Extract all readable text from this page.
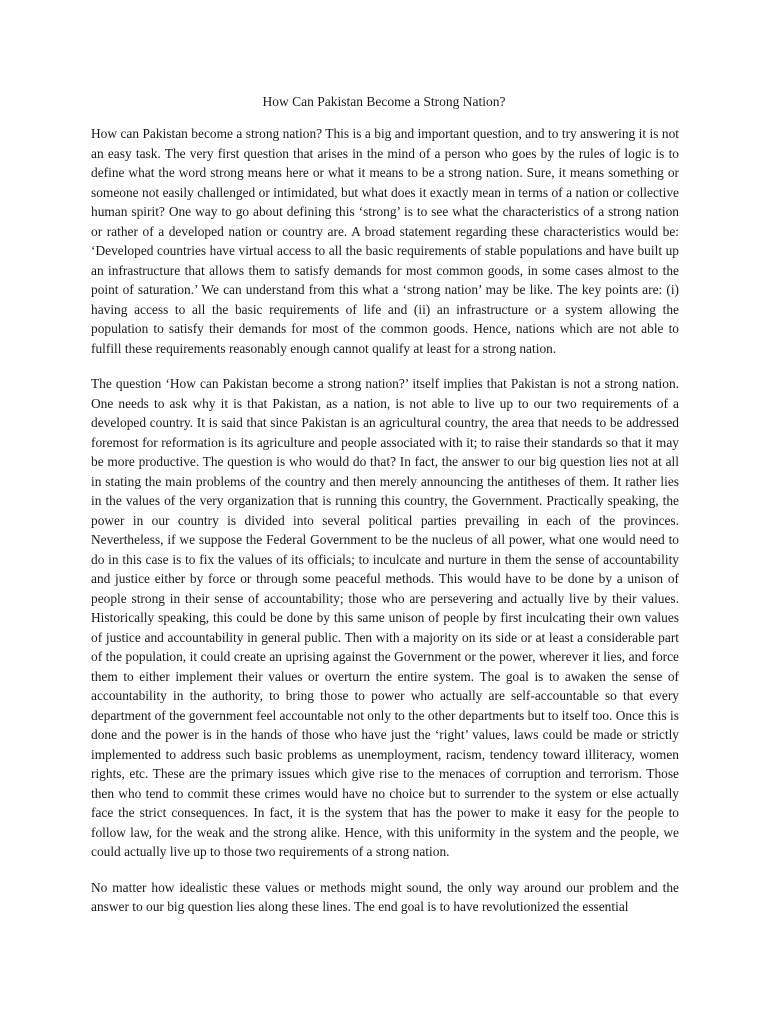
How Can Pakistan Become a Strong Nation?

How can Pakistan become a strong nation? This is a big and important question, and to try answering it is not an easy task. The very first question that arises in the mind of a person who goes by the rules of logic is to define what the word strong means here or what it means to be a strong nation. Sure, it means something or someone not easily challenged or intimidated, but what does it exactly mean in terms of a nation or collective human spirit? One way to go about defining this ‘strong’ is to see what the characteristics of a strong nation or rather of a developed nation or country are. A broad statement regarding these characteristics would be: ‘Developed countries have virtual access to all the basic requirements of stable populations and have built up an infrastructure that allows them to satisfy demands for most common goods, in some cases almost to the point of saturation.’ We can understand from this what a ‘strong nation’ may be like. The key points are: (i) having access to all the basic requirements of life and (ii) an infrastructure or a system allowing the population to satisfy their demands for most of the common goods. Hence, nations which are not able to fulfill these requirements reasonably enough cannot qualify at least for a strong nation.

The question ‘How can Pakistan become a strong nation?’ itself implies that Pakistan is not a strong nation. One needs to ask why it is that Pakistan, as a nation, is not able to live up to our two requirements of a developed country. It is said that since Pakistan is an agricultural country, the area that needs to be addressed foremost for reformation is its agriculture and people associated with it; to raise their standards so that it may be more productive. The question is who would do that? In fact, the answer to our big question lies not at all in stating the main problems of the country and then merely announcing the antitheses of them. It rather lies in the values of the very organization that is running this country, the Government. Practically speaking, the power in our country is divided into several political parties prevailing in each of the provinces. Nevertheless, if we suppose the Federal Government to be the nucleus of all power, what one would need to do in this case is to fix the values of its officials; to inculcate and nurture in them the sense of accountability and justice either by force or through some peaceful methods. This would have to be done by a unison of people strong in their sense of accountability; those who are persevering and actually live by their values. Historically speaking, this could be done by this same unison of people by first inculcating their own values of justice and accountability in general public. Then with a majority on its side or at least a considerable part of the population, it could create an uprising against the Government or the power, wherever it lies, and force them to either implement their values or overturn the entire system. The goal is to awaken the sense of accountability in the authority, to bring those to power who actually are self-accountable so that every department of the government feel accountable not only to the other departments but to itself too. Once this is done and the power is in the hands of those who have just the ‘right’ values, laws could be made or strictly implemented to address such basic problems as unemployment, racism, tendency toward illiteracy, women rights, etc. These are the primary issues which give rise to the menaces of corruption and terrorism. Those then who tend to commit these crimes would have no choice but to surrender to the system or else actually face the strict consequences. In fact, it is the system that has the power to make it easy for the people to follow law, for the weak and the strong alike. Hence, with this uniformity in the system and the people, we could actually live up to those two requirements of a strong nation.

No matter how idealistic these values or methods might sound, the only way around our problem and the answer to our big question lies along these lines. The end goal is to have revolutionized the essential
